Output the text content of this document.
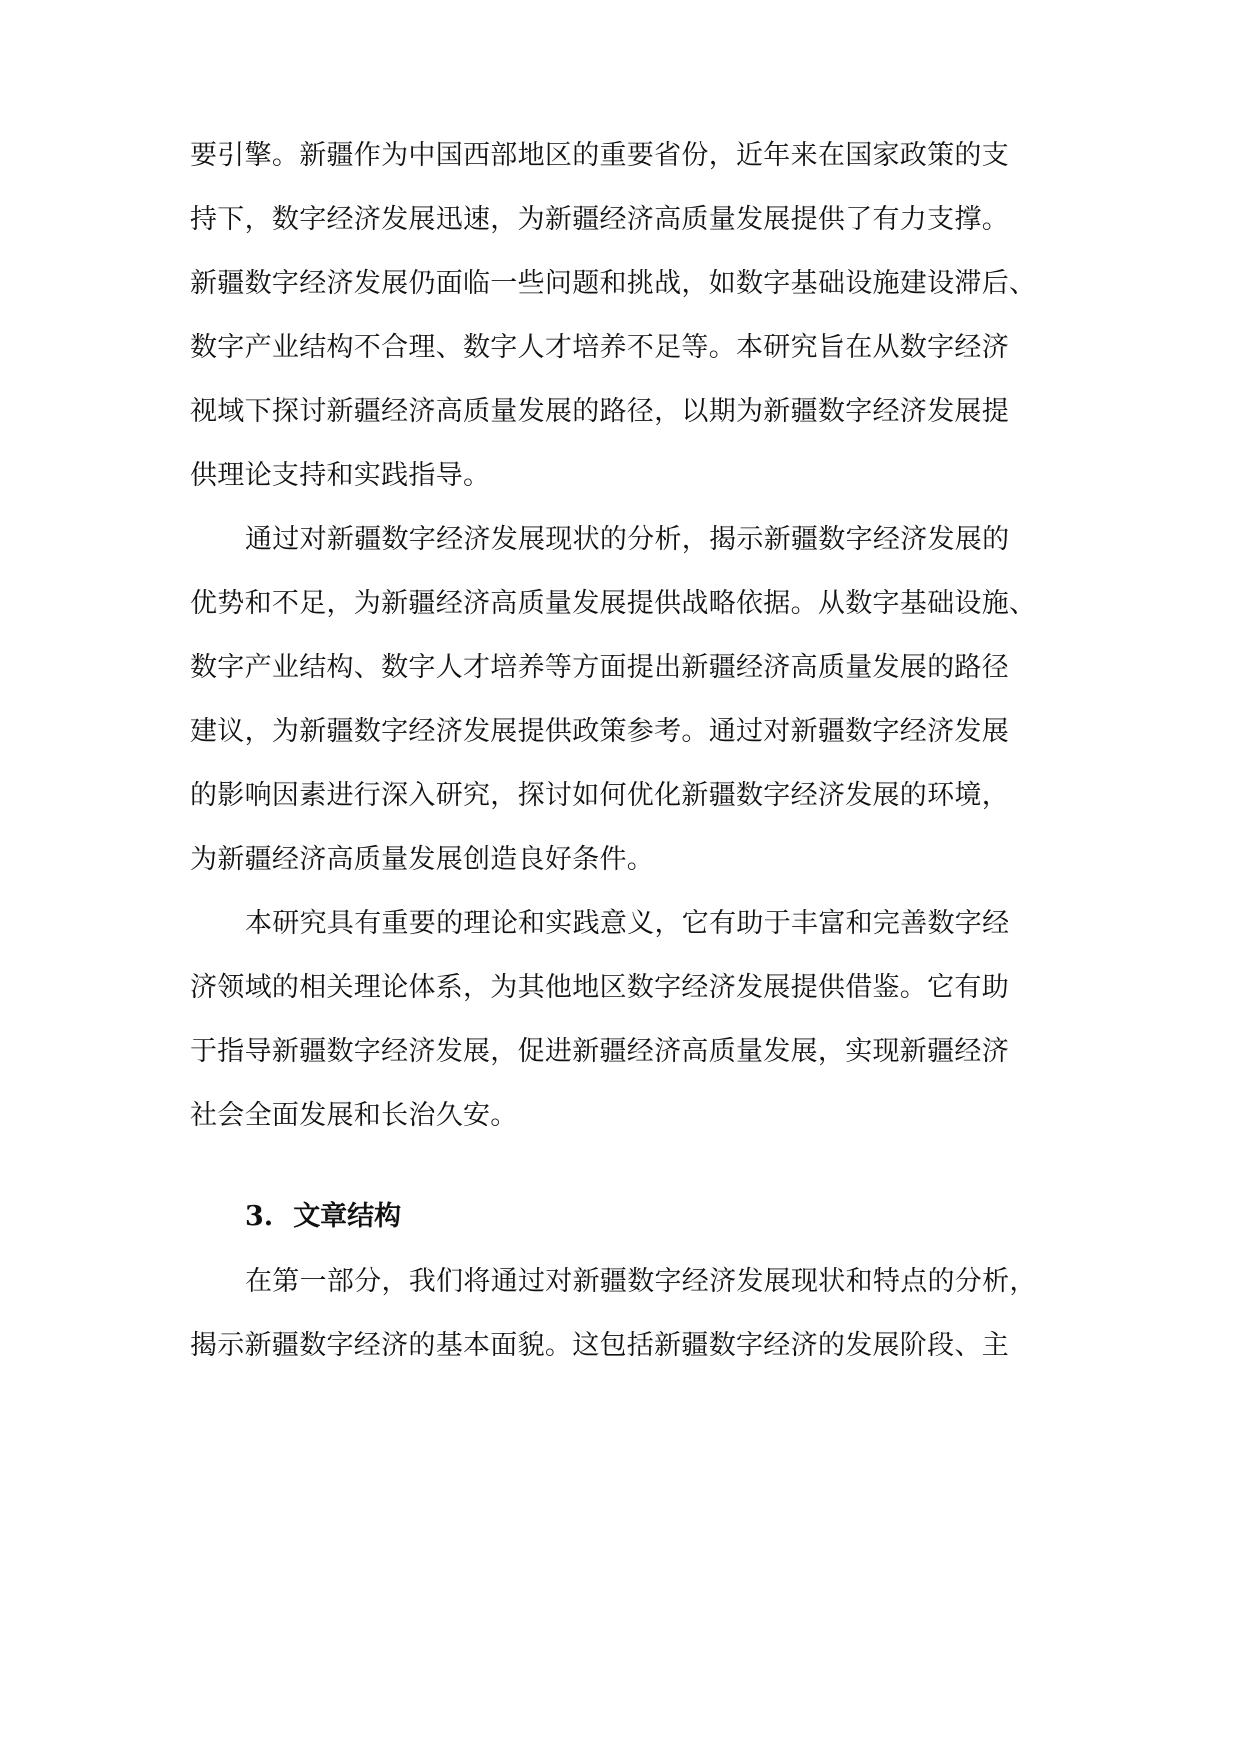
要引擎。新疆作为中国西部地区的重要省份，近年来在国家政策的支
持下，数字经济发展迅速，为新疆经济高质量发展提供了有力支撑。
新疆数字经济发展仍面临一些问题和挑战，如数字基础设施建设滞后、
数字产业结构不合理、数字人才培养不足等。本研究旨在从数字经济
视域下探讨新疆经济高质量发展的路径，以期为新疆数字经济发展提
供理论支持和实践指导。
通过对新疆数字经济发展现状的分析，揭示新疆数字经济发展的
优势和不足，为新疆经济高质量发展提供战略依据。从数字基础设施、
数字产业结构、数字人才培养等方面提出新疆经济高质量发展的路径
建议，为新疆数字经济发展提供政策参考。通过对新疆数字经济发展
的影响因素进行深入研究，探讨如何优化新疆数字经济发展的环境，
为新疆经济高质量发展创造良好条件。
本研究具有重要的理论和实践意义，它有助于丰富和完善数字经
济领域的相关理论体系，为其他地区数字经济发展提供借鉴。它有助
于指导新疆数字经济发展，促进新疆经济高质量发展，实现新疆经济
社会全面发展和长治久安。
3. 文章结构
在第一部分，我们将通过对新疆数字经济发展现状和特点的分析，
揭示新疆数字经济的基本面貌。这包括新疆数字经济的发展阶段、主
